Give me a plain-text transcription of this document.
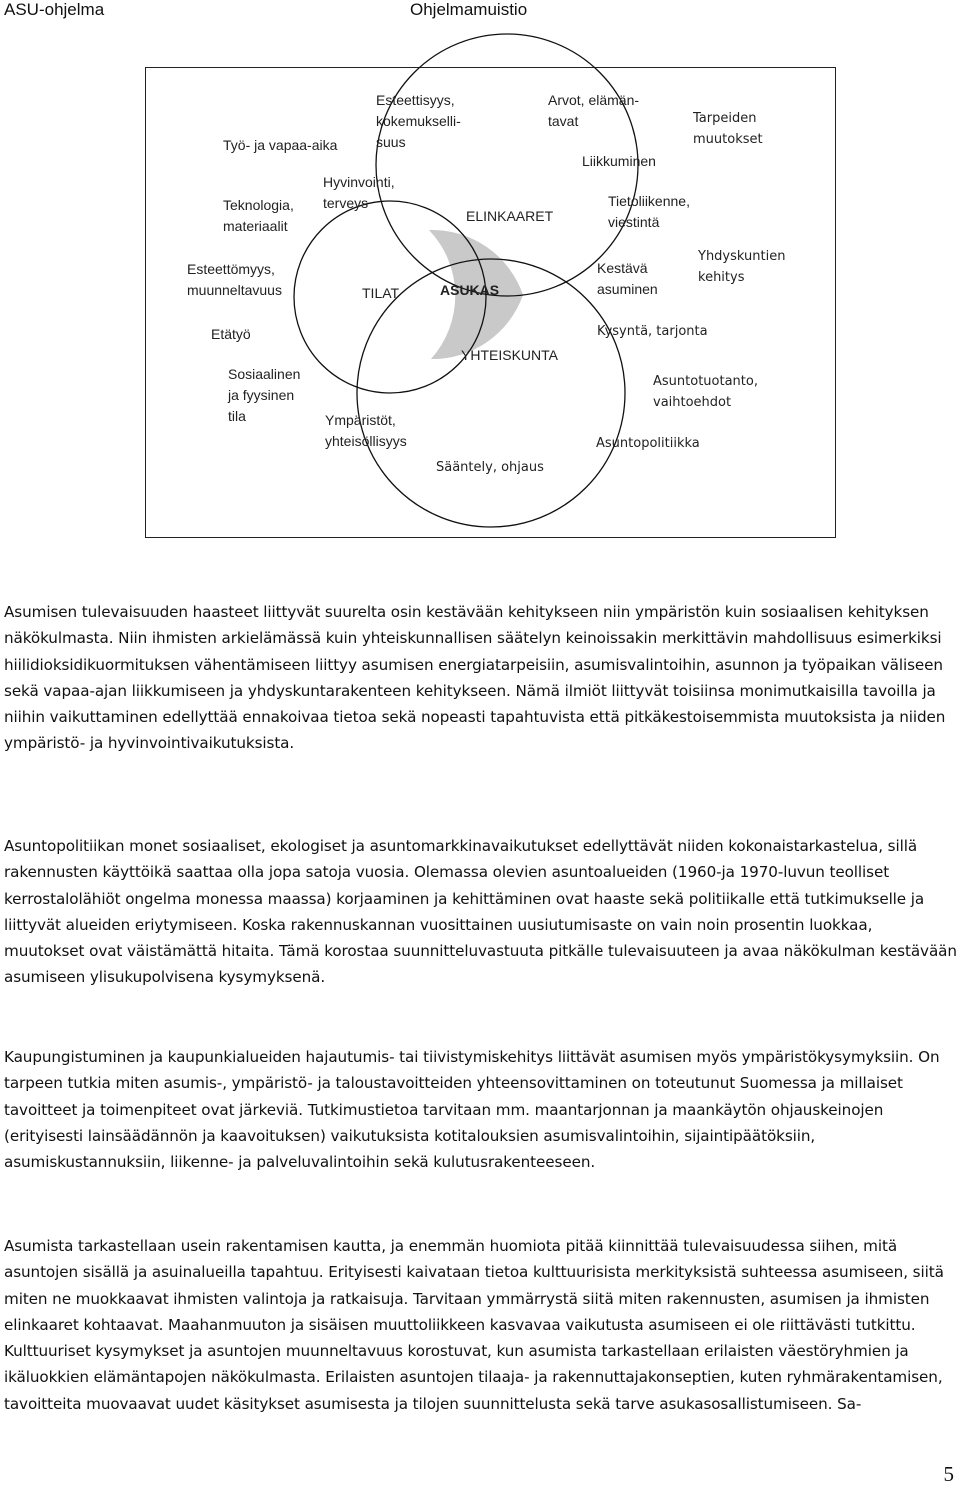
ASU-ohjelma	Ohjelmamuistio
Työ- ja vapaa-aika
Esteettisyys,
kokemukselli-
suus
Arvot, elämän-
tavat	Tarpeiden
muutokset
Liikkuminen
Hyvinvointi,
terveys
Teknologia,
materiaalit
ELINKAARET
Tietoliikenne,
viestintä
Yhdyskuntien
kehitys
Esteettömyys,
muunneltavuus	TILAT	ASUKAS
Kestävä
asuminen
Etätyö	Kysyntä, tarjonta
YHTEISKUNTA
Sosiaalinen
ja fyysinen
tila
Asuntotuotanto,
vaihtoehdot
Ympäristöt,
yhteisöllisyys	Asuntopolitiikka
Sääntely, ohjaus
Asumisen tulevaisuuden haasteet liittyvät suurelta osin kestävään kehitykseen niin ympäristön kuin sosiaalisen kehityksen näkökulmasta. Niin ihmisten arkielämässä kuin yhteiskunnallisen säätelyn keinoissakin merkittävin mahdollisuus esimerkiksi hiilidioksidikuormituksen vähentämiseen liittyy asumisen energiatarpeisiin, asumisvalintoihin, asunnon ja työpaikan väliseen sekä vapaa-ajan liikkumiseen ja yhdyskuntarakenteen kehitykseen. Nämä ilmiöt liittyvät toisiinsa monimutkaisilla tavoilla ja niihin vaikuttaminen edellyttää ennakoivaa tietoa sekä nopeasti tapahtuvista että pitkäkestoisemmista muutoksista ja niiden ympäristö- ja hyvinvointivaikutuksista.
Asuntopolitiikan monet sosiaaliset, ekologiset ja asuntomarkkinavaikutukset edellyttävät niiden kokonaistarkastelua, sillä rakennusten käyttöikä saattaa olla jopa satoja vuosia. Olemassa olevien asuntoalueiden (1960-ja 1970-luvun teolliset kerrostalolähiöt ongelma monessa maassa) korjaaminen ja kehittäminen ovat haaste sekä politiikalle että tutkimukselle ja liittyvät alueiden eriytymiseen. Koska rakennuskannan vuosittainen uusiutumisaste on vain noin prosentin luokkaa, muutokset ovat väistämättä hitaita. Tämä korostaa suunnitteluvastuuta pitkälle tulevaisuuteen ja avaa näkökulman kestävään asumiseen ylisukupolvisena kysymyksenä.
Kaupungistuminen ja kaupunkialueiden hajautumis- tai tiivistymiskehitys liittävät asumisen myös ympäristökysymyksiin. On tarpeen tutkia miten asumis-, ympäristö- ja taloustavoitteiden yhteensovittaminen on toteutunut Suomessa ja millaiset tavoitteet ja toimenpiteet ovat järkeviä. Tutkimustietoa tarvitaan mm. maantarjonnan ja maankäytön ohjauskeinojen (erityisesti lainsäädännön ja kaavoituksen) vaikutuksista kotitalouksien asumisvalintoihin, sijaintipäätöksiin, asumiskustannuksiin, liikenne- ja palveluvalintoihin sekä kulutusrakenteeseen.
Asumista tarkastellaan usein rakentamisen kautta, ja enemmän huomiota pitää kiinnittää tulevaisuudessa siihen, mitä asuntojen sisällä ja asuinalueilla tapahtuu. Erityisesti kaivataan tietoa kulttuurisista merkityksistä suhteessa asumiseen, siitä miten ne muokkaavat ihmisten valintoja ja ratkaisuja. Tarvitaan ymmärrystä siitä miten rakennusten, asumisen ja ihmisten elinkaaret kohtaavat. Maahanmuuton ja sisäisen muuttoliikkeen kasvavaa vaikutusta asumiseen ei ole riittävästi tutkittu. Kulttuuriset kysymykset ja asuntojen muunneltavuus korostuvat, kun asumista tarkastellaan erilaisten väestöryhmien ja ikäluokkien elämäntapojen näkökulmasta. Erilaisten asuntojen tilaaja- ja rakennuttajakonseptien, kuten ryhmärakentamisen, tavoitteita muovaavat uudet käsitykset asumisesta ja tilojen suunnittelusta sekä tarve asukasosallistumiseen. Sa-
5
